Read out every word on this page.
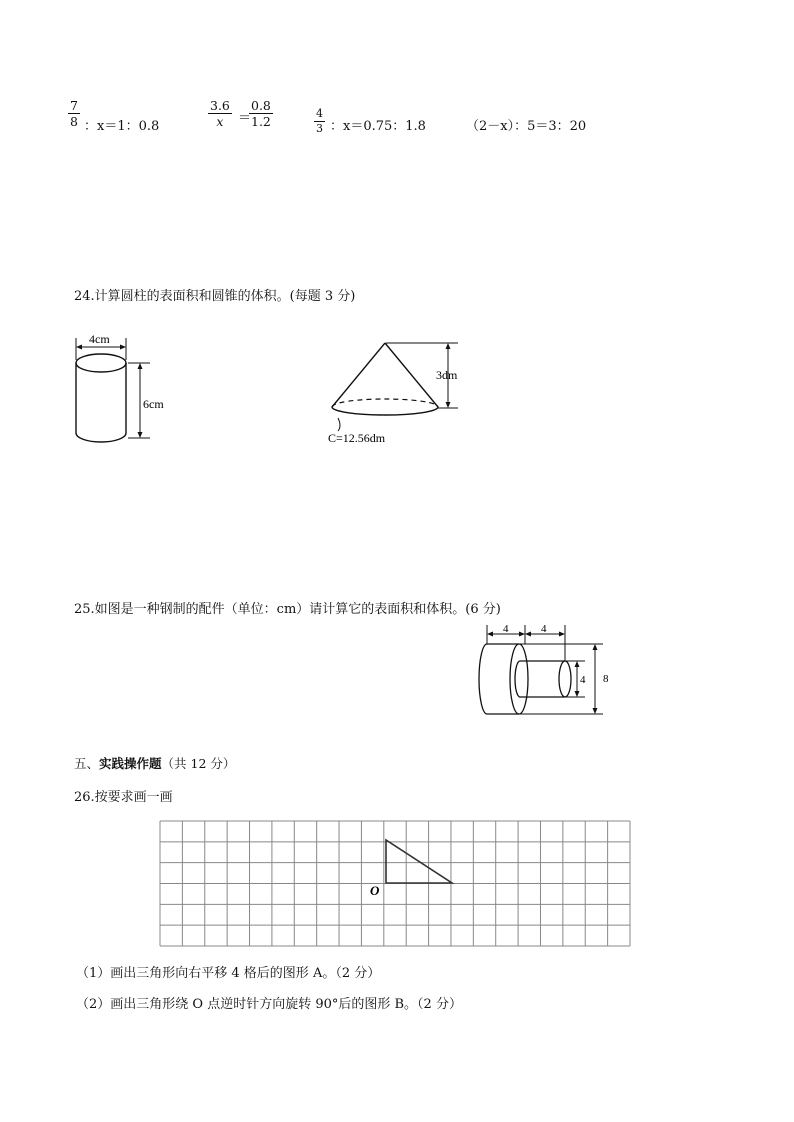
$\frac{7}{8}$ ：x＝1：0.8	$\frac{3.6}{x}$ ＝
$\frac{0.8}{1.2}$	$\frac{4}{3}$ ：x＝0.75：1.8	（2－x）：5＝3：20
24.计算圆柱的表面积和圆锥的体积。(每题 3 分)
4cm
6cm
3dm
C=12.56dm
25.如图是一种钢制的配件（单位：cm）请计算它的表面积和体积。(6 分)
4	4
4 8
五、实践操作题（共 12 分）
26.按要求画一画
O
（1）画出三角形向右平移 4 格后的图形 A。（2 分）
（2）画出三角形绕 O 点逆时针方向旋转 90°后的图形 B。（2 分）
